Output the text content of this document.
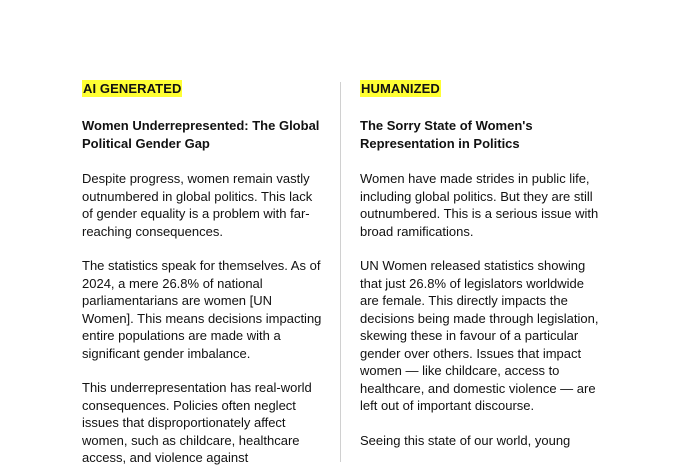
AI GENERATED
Women Underrepresented: The Global Political Gender Gap
Despite progress, women remain vastly outnumbered in global politics. This lack of gender equality is a problem with far-reaching consequences.
The statistics speak for themselves. As of 2024, a mere 26.8% of national parliamentarians are women [UN Women]. This means decisions impacting entire populations are made with a significant gender imbalance.
This underrepresentation has real-world consequences. Policies often neglect issues that disproportionately affect women, such as childcare, healthcare access, and violence against
HUMANIZED
The Sorry State of Women's Representation in Politics
Women have made strides in public life, including global politics. But they are still outnumbered. This is a serious issue with broad ramifications.
UN Women released statistics showing that just 26.8% of legislators worldwide are female. This directly impacts the decisions being made through legislation, skewing these in favour of a particular gender over others. Issues that impact women — like childcare, access to healthcare, and domestic violence — are left out of important discourse.
Seeing this state of our world, young
